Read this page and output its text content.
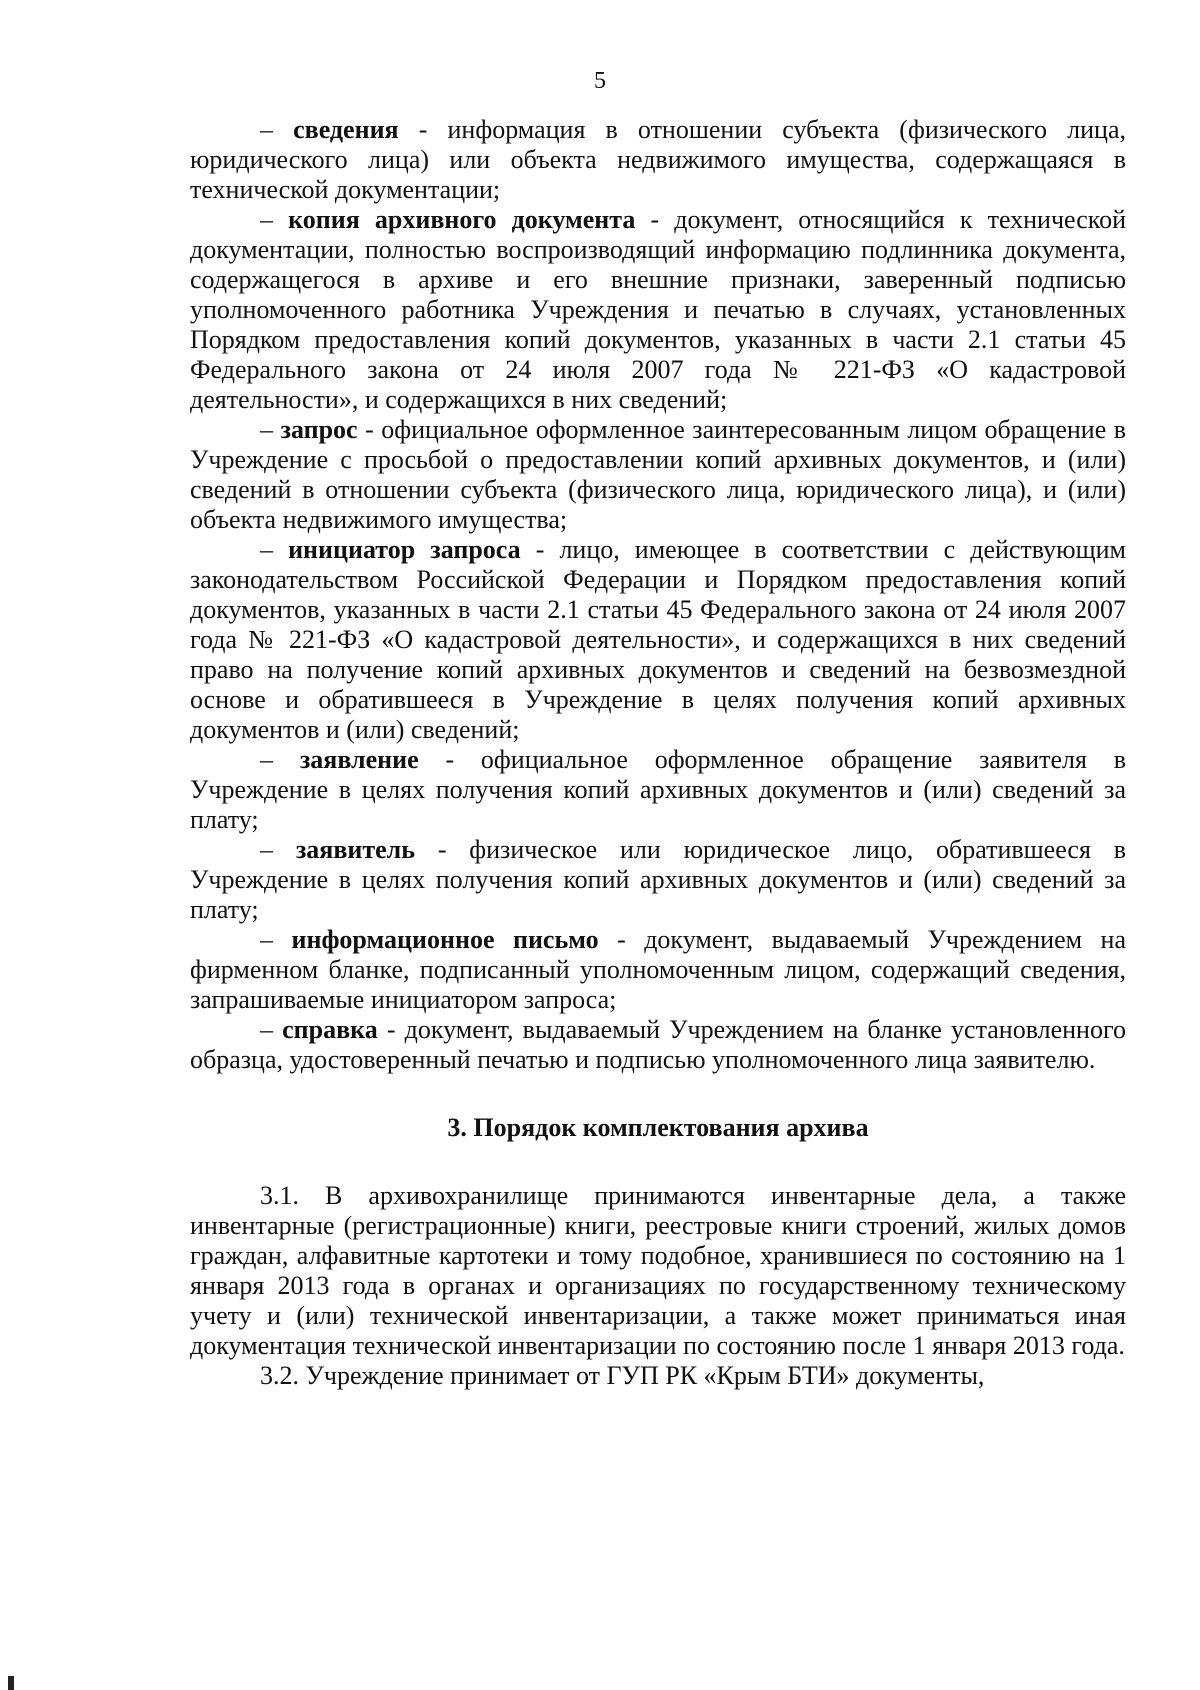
5

– сведения - информация в отношении субъекта (физического лица, юридического лица) или объекта недвижимого имущества, содержащаяся в технической документации;

– копия архивного документа - документ, относящийся к технической документации, полностью воспроизводящий информацию подлинника документа, содержащегося в архиве и его внешние признаки, заверенный подписью уполномоченного работника Учреждения и печатью в случаях, установленных Порядком предоставления копий документов, указанных в части 2.1 статьи 45 Федерального закона от 24 июля 2007 года № 221-ФЗ «О кадастровой деятельности», и содержащихся в них сведений;

– запрос - официальное оформленное заинтересованным лицом обращение в Учреждение с просьбой о предоставлении копий архивных документов, и (или) сведений в отношении субъекта (физического лица, юридического лица), и (или) объекта недвижимого имущества;

– инициатор запроса - лицо, имеющее в соответствии с действующим законодательством Российской Федерации и Порядком предоставления копий документов, указанных в части 2.1 статьи 45 Федерального закона от 24 июля 2007 года № 221-ФЗ «О кадастровой деятельности», и содержащихся в них сведений право на получение копий архивных документов и сведений на безвозмездной основе и обратившееся в Учреждение в целях получения копий архивных документов и (или) сведений;

– заявление - официальное оформленное обращение заявителя в Учреждение в целях получения копий архивных документов и (или) сведений за плату;

– заявитель - физическое или юридическое лицо, обратившееся в Учреждение в целях получения копий архивных документов и (или) сведений за плату;

– информационное письмо - документ, выдаваемый Учреждением на фирменном бланке, подписанный уполномоченным лицом, содержащий сведения, запрашиваемые инициатором запроса;

– справка - документ, выдаваемый Учреждением на бланке установленного образца, удостоверенный печатью и подписью уполномоченного лица заявителю.

3. Порядок комплектования архива

3.1. В архивохранилище принимаются инвентарные дела, а также инвентарные (регистрационные) книги, реестровые книги строений, жилых домов граждан, алфавитные картотеки и тому подобное, хранившиеся по состоянию на 1 января 2013 года в органах и организациях по государственному техническому учету и (или) технической инвентаризации, а также может приниматься иная документация технической инвентаризации по состоянию после 1 января 2013 года.

3.2. Учреждение принимает от ГУП РК «Крым БТИ» документы,
